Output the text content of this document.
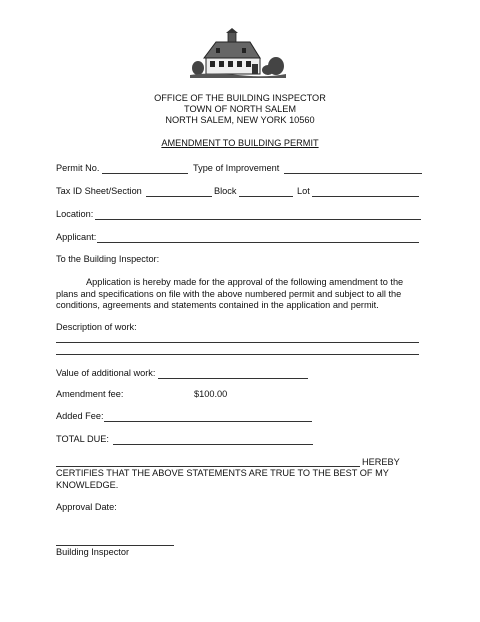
OFFICE OF THE BUILDING INSPECTOR
TOWN OF NORTH SALEM
NORTH SALEM, NEW YORK 10560
AMENDMENT TO BUILDING PERMIT
Permit No.	Type of Improvement
Tax ID Sheet/Section	Block	Lot
Location:
Applicant:
To the Building Inspector:
Application is hereby made for the approval of the following amendment to the plans and specifications on file with the above numbered permit and subject to all the conditions, agreements and statements contained in the application and permit.
Description of work:
Value of additional work:
Amendment fee:	$100.00
Added Fee:
TOTAL DUE:
HEREBY
CERTIFIES THAT THE ABOVE STATEMENTS ARE TRUE TO THE BEST OF MY KNOWLEDGE.
Approval Date:
Building Inspector
